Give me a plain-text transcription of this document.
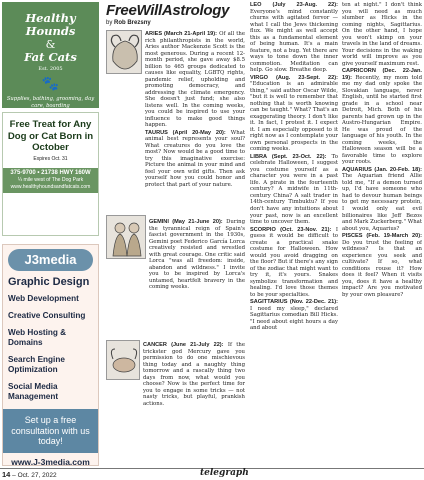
Healthy Hounds
&
Fat Cats
Est. 2005
🐾
Supplies, bathing, grooming, day care, boarding
Free Treat for Any Dog or Cat Born in October
Expires Oct. 31
375-9700 • 21738 HWY 160W
¼ mile west of The Dog Park
www.healthyhoundsandfatcats.com
J3media
Graphic Design
Web Development
Creative Consulting
Web Hosting & Domains
Search Engine Optimization
Social Media Management
Set up a free consultation with us today!
www.J-3media.com
FreeWillAstrology
by Rob Brezsny

ARIES (March 21-April 19): Of all the rich philanthropists in the world, Aries author Mackenzie Scott is the most generous. During a recent 12-month period, she gave away $8.5 billion to 465 groups dedicated to causes like equality, LGBTQ rights, pandemic relief, upholding and promoting democracy, and addressing the climate emergency. She doesn't just fund; she also listens well. In the coming weeks, you could be inspired to use your influence to make good things happen.

TAURUS (April 20-May 20): What animal best represents your soul? What creatures do you love the most? Now would be a good time to try this imaginative exercise: Picture the animal in your mind and feel your own wild gifts. Then ask yourself how you could honor and protect that part of your nature.

GEMINI (May 21-June 20): During the tyrannical reign of Spain's fascist government in the 1930s, Gemini poet Federico García Lorca creatively resisted and wrestled with great courage. One critic said Lorca "was all freedom: inside, abandon and wildness." I invite you to be inspired by Lorca's untamed, heartfelt bravery in the coming weeks.

CANCER (June 21-July 22): If the trickster god Mercury gave you permission to do one mischievous thing today and a naughty thing tomorrow and a rascally thing two days from now, what would you choose? Now is the perfect time for you to engage in some tricks — not nasty tricks, but playful, prankish actions.

LEO (July 23-Aug. 22): Everyone's mind constantly churns with agitated fervor — what I call the Jews thickening flux. We might as well accept this as a fundamental element of being human. It's a main feature, not a bug. Yet there are ways to tone down the inner commotion. Meditation can help. Go slow. Breathe deep.

VIRGO (Aug. 23-Sept. 22): "Education is an admirable thing," said author Oscar Wilde, "but it is well to remember that nothing that is worth knowing can be taught." What? That's an exaggerating theory. I don't like it. In fact, I protest it. I expect it. I am especially opposed to it right now as I contemplate your own personal prospects in the coming weeks.

LIBRA (Sept. 23-Oct. 22): To celebrate Halloween, I suggest you costume yourself as a character you were in a past life. A pirate in the fourteenth century? A midwife in 11th-century China? A salt trader in 14th-century Timbuktu? If you don't have any intuitions about your past, now is an excellent time to uncover them.

SCORPIO (Oct. 23-Nov. 21): I guess it would be difficult to create a practical snake costume for Halloween. How would you avoid dragging on the floor? But if there's any sign of the zodiac that might want to try it, it's yours. Snakes symbolize transformation and healing. I'd love those themes to be your specialties.

SAGITTARIUS (Nov. 22-Dec. 21): I need my sleep," declared Sagittarius comedian Bill Hicks. "I need about eight hours a day and about

ten at night." I don't think you will need as much slumber as Hicks in the coming nights, Sagittarius. On the other hand, I hope you won't skimp on your travels in the land of dreams. Your decisions in the waking world will improve as you give yourself maximum rest.

CAPRICORN (Dec. 22-Jan. 19): Recently, my mom told me my dad only spoke the Slovakian language, never English, until he started first grade in a school near Detroit, Mich. Both of his parents had grown up in the Austro-Hungarian Empire. He was proud of the language of his youth. In the coming weeks, the Halloween season will be a favorable time to explore your roots.

AQUARIUS (Jan. 20-Feb. 18): The Aquarian friend Allie told me, "If a demon turned up, I'd have someone who had to devour human beings to get my necessary protein, I would only eat evil billionaires like Jeff Bezos and Mark Zuckerberg." What about you, Aquarius?

PISCES (Feb. 19-March 20): Do you trust the feeling of wildness? Is that an experience you seek and cultivate? If so, what conditions rouse it? How does it feel? When it visits you, does it have a healthy impact? Are you motivated by your own pleasure?

14 – Oct. 27, 2022	telegraph
